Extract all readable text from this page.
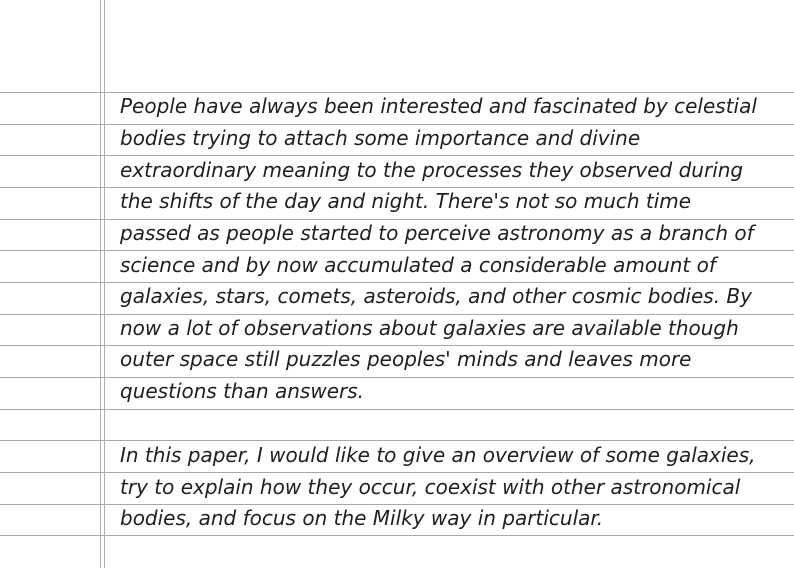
People have always been interested and fascinated by celestial
bodies trying to attach some importance and divine
extraordinary meaning to the processes they observed during
the shifts of the day and night. There's not so much time
passed as people started to perceive astronomy as a branch of
science and by now accumulated a considerable amount of
galaxies, stars, comets, asteroids, and other cosmic bodies. By
now a lot of observations about galaxies are available though
outer space still puzzles peoples' minds and leaves more
questions than answers.
In this paper, I would like to give an overview of some galaxies,
try to explain how they occur, coexist with other astronomical
bodies, and focus on the Milky way in particular.
